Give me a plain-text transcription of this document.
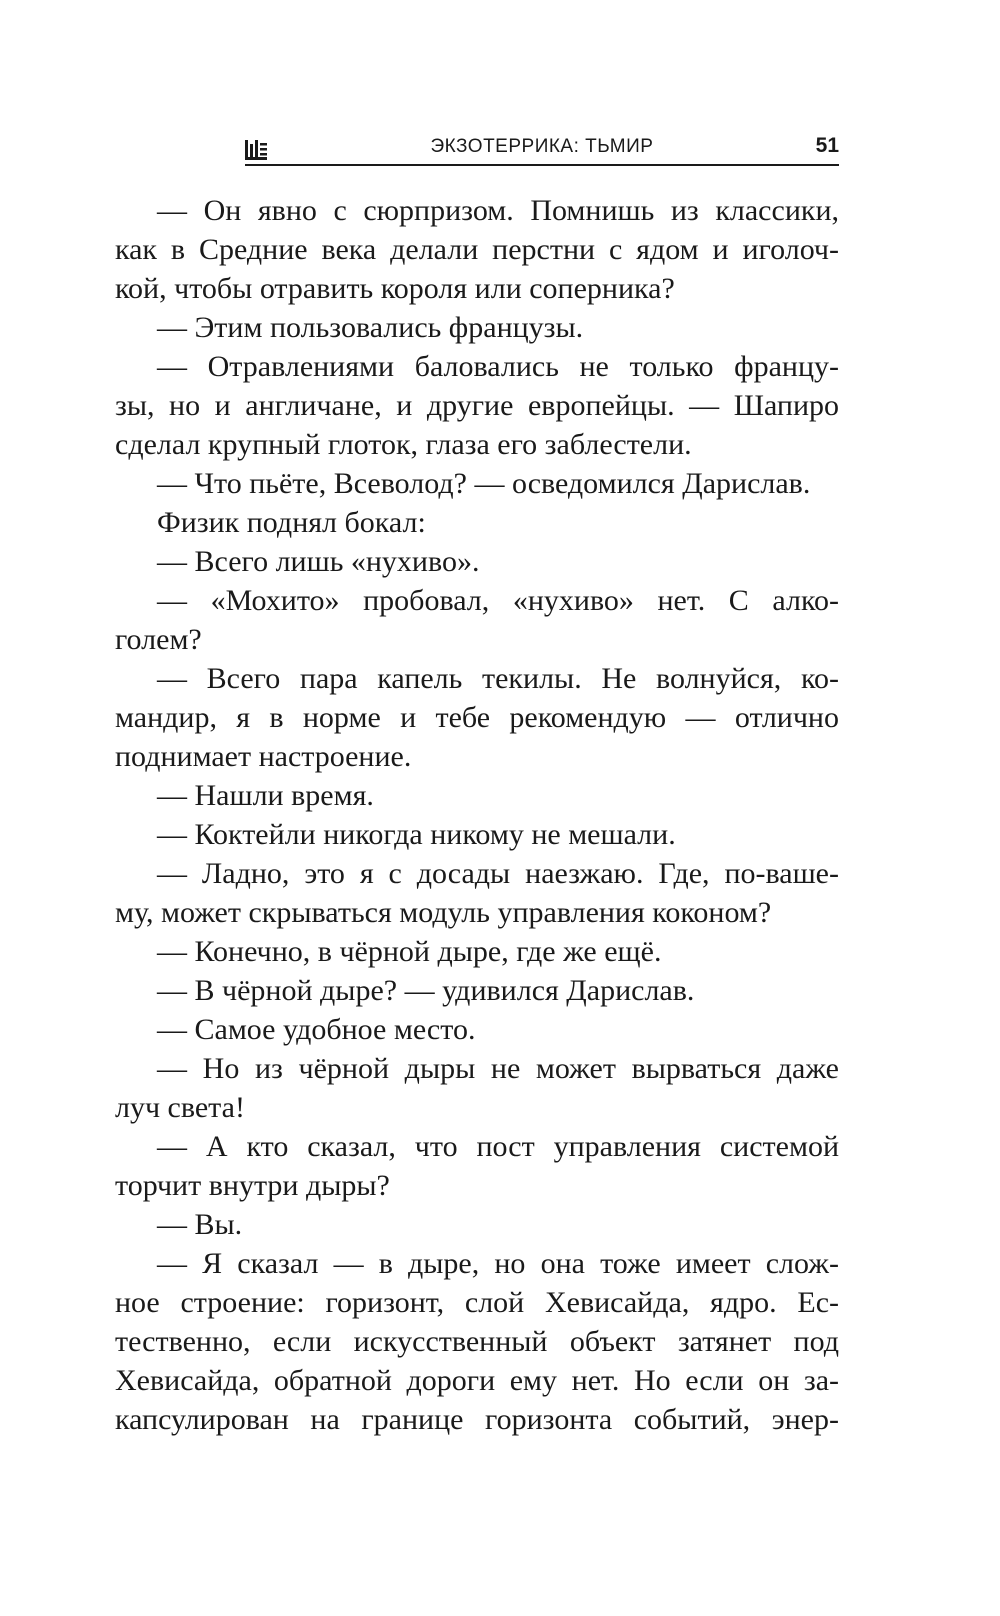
ЭКЗОТЕРРИКА: ТЬМИР	51
— Он явно с сюрпризом. Помнишь из классики,
как в Средние века делали перстни с ядом и иголоч-
кой, чтобы отравить короля или соперника?
— Этим пользовались французы.
— Отравлениями баловались не только францу-
зы, но и англичане, и другие европейцы. — Шапиро
сделал крупный глоток, глаза его заблестели.
— Что пьёте, Всеволод? — осведомился Дарислав.
Физик поднял бокал:
— Всего лишь «нухиво».
— «Мохито» пробовал, «нухиво» нет. С алко-
голем?
— Всего пара капель текилы. Не волнуйся, ко-
мандир, я в норме и тебе рекомендую — отлично
поднимает настроение.
— Нашли время.
— Коктейли никогда никому не мешали.
— Ладно, это я с досады наезжаю. Где, по-ваше-
му, может скрываться модуль управления коконом?
— Конечно, в чёрной дыре, где же ещё.
— В чёрной дыре? — удивился Дарислав.
— Самое удобное место.
— Но из чёрной дыры не может вырваться даже
луч света!
— А кто сказал, что пост управления системой
торчит внутри дыры?
— Вы.
— Я сказал — в дыре, но она тоже имеет слож-
ное строение: горизонт, слой Хевисайда, ядро. Ес-
тественно, если искусственный объект затянет под
Хевисайда, обратной дороги ему нет. Но если он за-
капсулирован на границе горизонта событий, энер-
